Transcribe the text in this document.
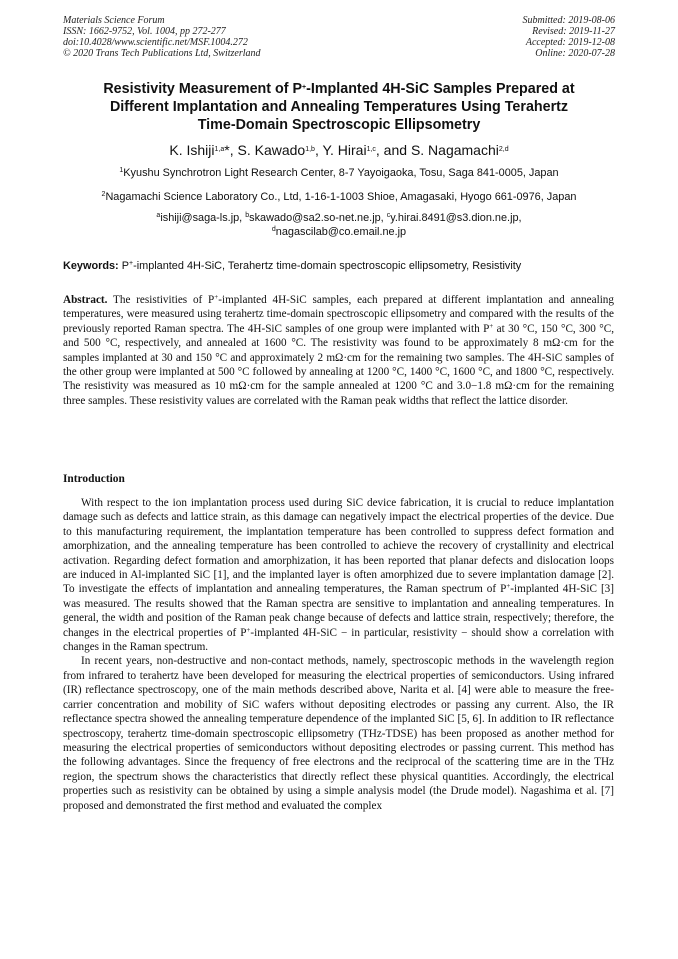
Materials Science Forum
ISSN: 1662-9752, Vol. 1004, pp 272-277
doi:10.4028/www.scientific.net/MSF.1004.272
© 2020 Trans Tech Publications Ltd, Switzerland
Submitted: 2019-08-06
Revised: 2019-11-27
Accepted: 2019-12-08
Online: 2020-07-28
Resistivity Measurement of P+-Implanted 4H-SiC Samples Prepared at
Different Implantation and Annealing Temperatures Using Terahertz
Time-Domain Spectroscopic Ellipsometry
K. Ishiji$^{1,a}$*, S. Kawado$^{1,b}$, Y. Hirai$^{1,c}$, and S. Nagamachi$^{2,d}$
$^1$Kyushu Synchrotron Light Research Center, 8-7 Yayoigaoka, Tosu, Saga 841-0005, Japan
$^2$Nagamachi Science Laboratory Co., Ltd, 1-16-1-1003 Shioe, Amagasaki, Hyogo 661-0976, Japan
$^a$ishiji@saga-ls.jp, $^b$skawado@sa2.so-net.ne.jp, $^c$y.hirai.8491@s3.dion.ne.jp,
$^d$nagascilab@co.email.ne.jp
Keywords: P+-implanted 4H-SiC, Terahertz time-domain spectroscopic ellipsometry, Resistivity
Abstract. The resistivities of P+-implanted 4H-SiC samples, each prepared at different implantation and annealing temperatures, were measured using terahertz time-domain spectroscopic ellipsometry and compared with the results of the previously reported Raman spectra. The 4H-SiC samples of one group were implanted with P+ at 30 °C, 150 °C, 300 °C, and 500 °C, respectively, and annealed at 1600 °C. The resistivity was found to be approximately 8 mΩ·cm for the samples implanted at 30 and 150 °C and approximately 2 mΩ·cm for the remaining two samples. The 4H-SiC samples of the other group were implanted at 500 °C followed by annealing at 1200 °C, 1400 °C, 1600 °C, and 1800 °C, respectively. The resistivity was measured as 10 mΩ·cm for the sample annealed at 1200 °C and 3.0−1.8 mΩ·cm for the remaining three samples. These resistivity values are correlated with the Raman peak widths that reflect the lattice disorder.
Introduction

With respect to the ion implantation process used during SiC device fabrication, it is crucial to reduce implantation damage such as defects and lattice strain, as this damage can negatively impact the electrical properties of the device. Due to this manufacturing requirement, the implantation temperature has been controlled to suppress defect formation and amorphization, and the annealing temperature has been controlled to achieve the recovery of crystallinity and electrical activation. Regarding defect formation and amorphization, it has been reported that planar defects and dislocation loops are induced in Al-implanted SiC [1], and the implanted layer is often amorphized due to severe implantation damage [2]. To investigate the effects of implantation and annealing temperatures, the Raman spectrum of P+-implanted 4H-SiC [3] was measured. The results showed that the Raman spectra are sensitive to implantation and annealing temperatures. In general, the width and position of the Raman peak change because of defects and lattice strain, respectively; therefore, the changes in the electrical properties of P+-implanted 4H-SiC − in particular, resistivity − should show a correlation with changes in the Raman spectrum.

In recent years, non-destructive and non-contact methods, namely, spectroscopic methods in the wavelength region from infrared to terahertz have been developed for measuring the electrical properties of semiconductors. Using infrared (IR) reflectance spectroscopy, one of the main methods described above, Narita et al. [4] were able to measure the free-carrier concentration and mobility of SiC wafers without depositing electrodes or passing any current. Also, the IR reflectance spectra showed the annealing temperature dependence of the implanted SiC [5, 6]. In addition to IR reflectance spectroscopy, terahertz time-domain spectroscopic ellipsometry (THz-TDSE) has been proposed as another method for measuring the electrical properties of semiconductors without depositing electrodes or passing current. This method has the following advantages. Since the frequency of free electrons and the reciprocal of the scattering time are in the THz region, the spectrum shows the characteristics that directly reflect these physical quantities. Accordingly, the electrical properties such as resistivity can be obtained by using a simple analysis model (the Drude model). Nagashima et al. [7] proposed and demonstrated the first method and evaluated the complex
